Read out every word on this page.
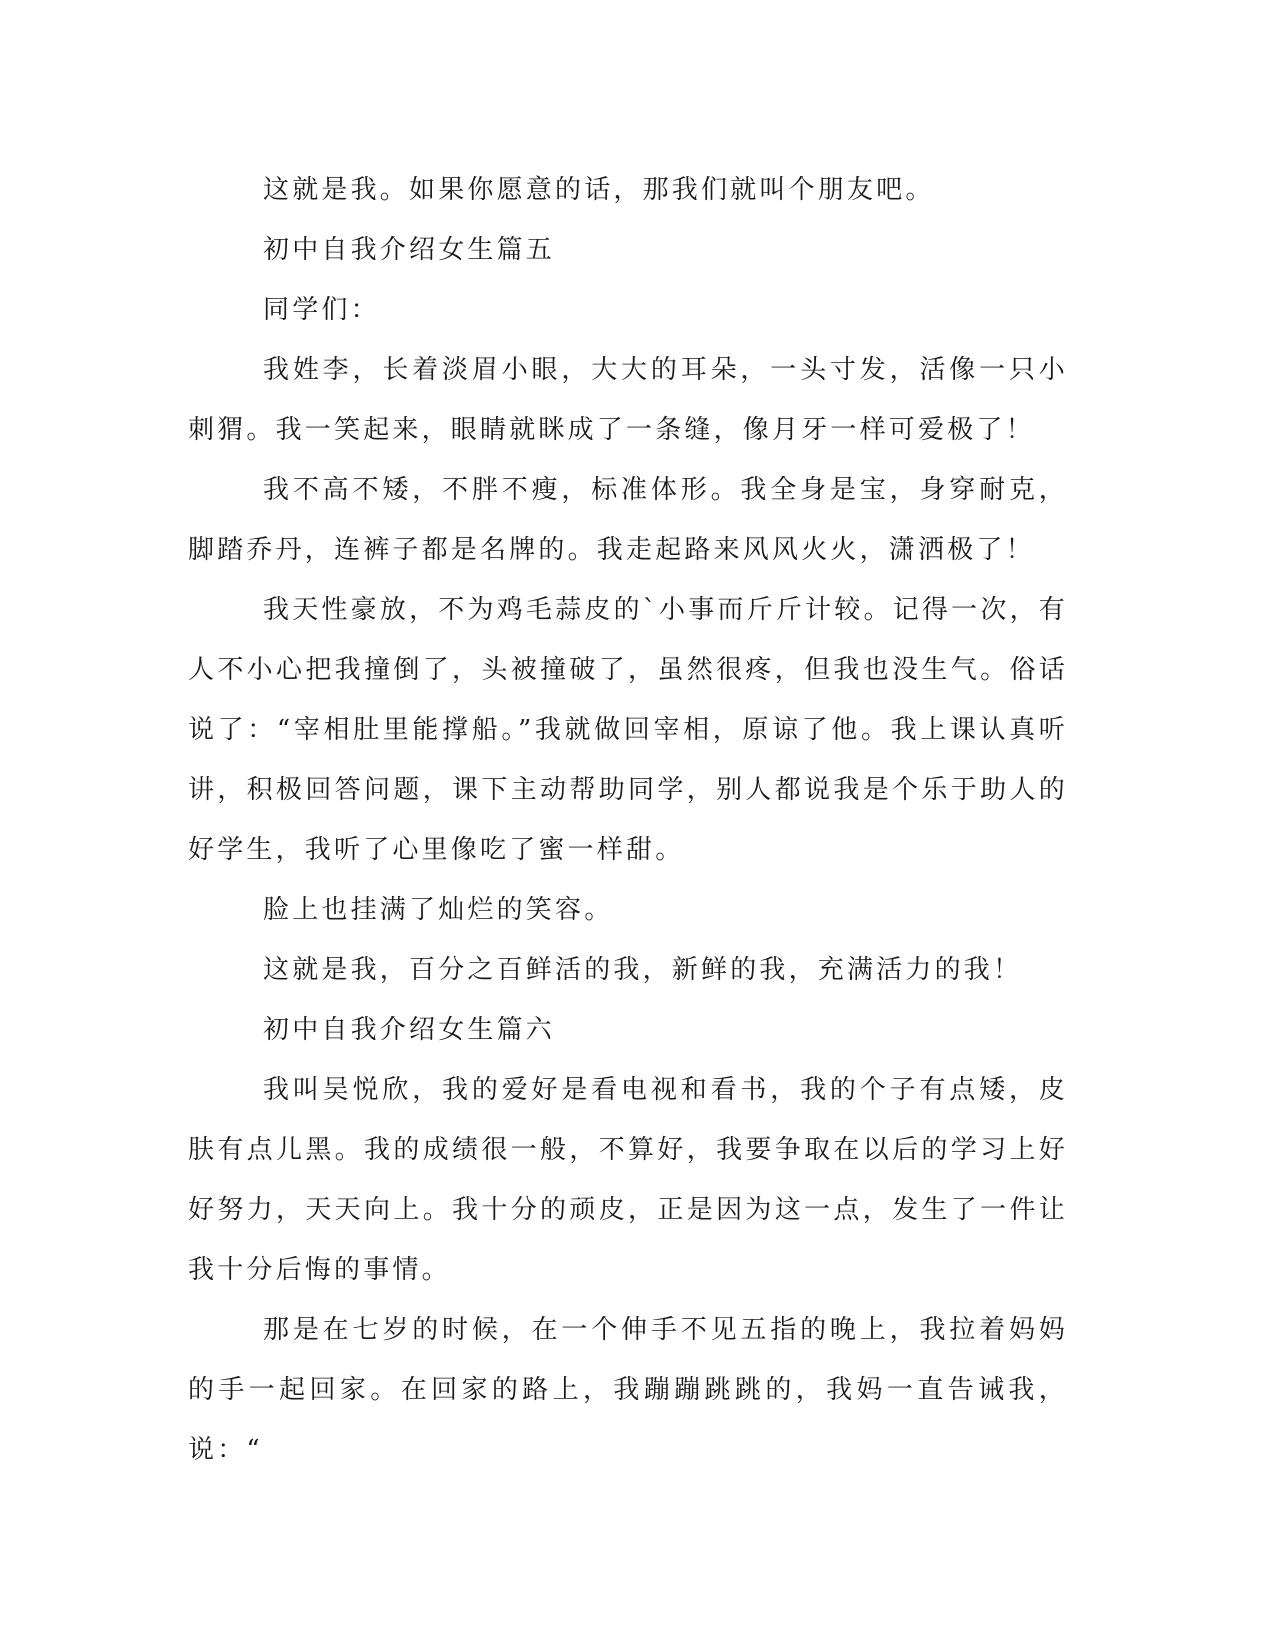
这就是我。如果你愿意的话，那我们就叫个朋友吧。

初中自我介绍女生篇五

同学们：

我姓李，长着淡眉小眼，大大的耳朵，一头寸发，活像一只小刺猬。我一笑起来，眼睛就眯成了一条缝，像月牙一样可爱极了！

我不高不矮，不胖不瘦，标准体形。我全身是宝，身穿耐克，脚踏乔丹，连裤子都是名牌的。我走起路来风风火火，潇洒极了！

我天性豪放，不为鸡毛蒜皮的`小事而斤斤计较。记得一次，有人不小心把我撞倒了，头被撞破了，虽然很疼，但我也没生气。俗话说了：“宰相肚里能撑船。”我就做回宰相，原谅了他。我上课认真听讲，积极回答问题，课下主动帮助同学，别人都说我是个乐于助人的好学生，我听了心里像吃了蜜一样甜。

脸上也挂满了灿烂的笑容。

这就是我，百分之百鲜活的我，新鲜的我，充满活力的我！

初中自我介绍女生篇六

我叫吴悦欣，我的爱好是看电视和看书，我的个子有点矮，皮肤有点儿黑。我的成绩很一般，不算好，我要争取在以后的学习上好好努力，天天向上。我十分的顽皮，正是因为这一点，发生了一件让我十分后悔的事情。

那是在七岁的时候，在一个伸手不见五指的晚上，我拉着妈妈的手一起回家。在回家的路上，我蹦蹦跳跳的，我妈一直告诫我，说：“
